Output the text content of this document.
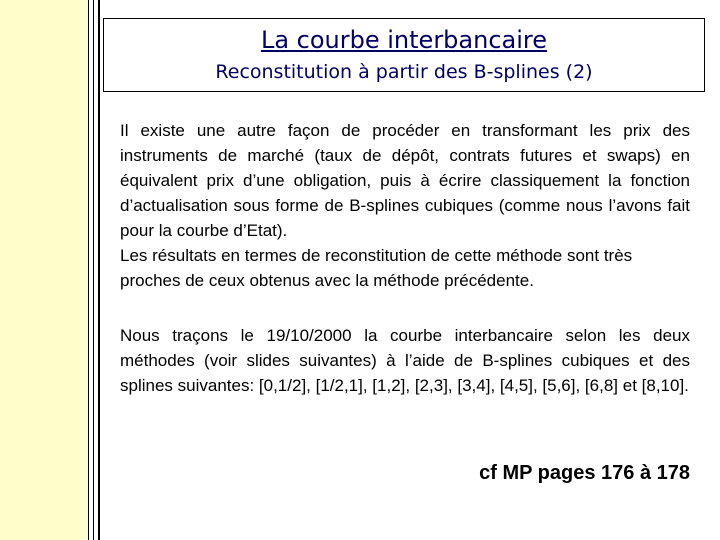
La courbe interbancaire
Reconstitution à partir des B-splines (2)

Il existe une autre façon de procéder en transformant les prix des instruments de marché (taux de dépôt, contrats futures et swaps) en équivalent prix d’une obligation, puis à écrire classiquement la fonction d’actualisation sous forme de B-splines cubiques (comme nous l’avons fait pour la courbe d’Etat).

Les résultats en termes de reconstitution de cette méthode sont très proches de ceux obtenus avec la méthode précédente.

Nous traçons le 19/10/2000 la courbe interbancaire selon les deux méthodes (voir slides suivantes) à l’aide de B-splines cubiques et des splines suivantes: [0,1/2], [1/2,1], [1,2], [2,3], [3,4], [4,5], [5,6], [6,8] et [8,10].

cf MP pages 176 à 178
